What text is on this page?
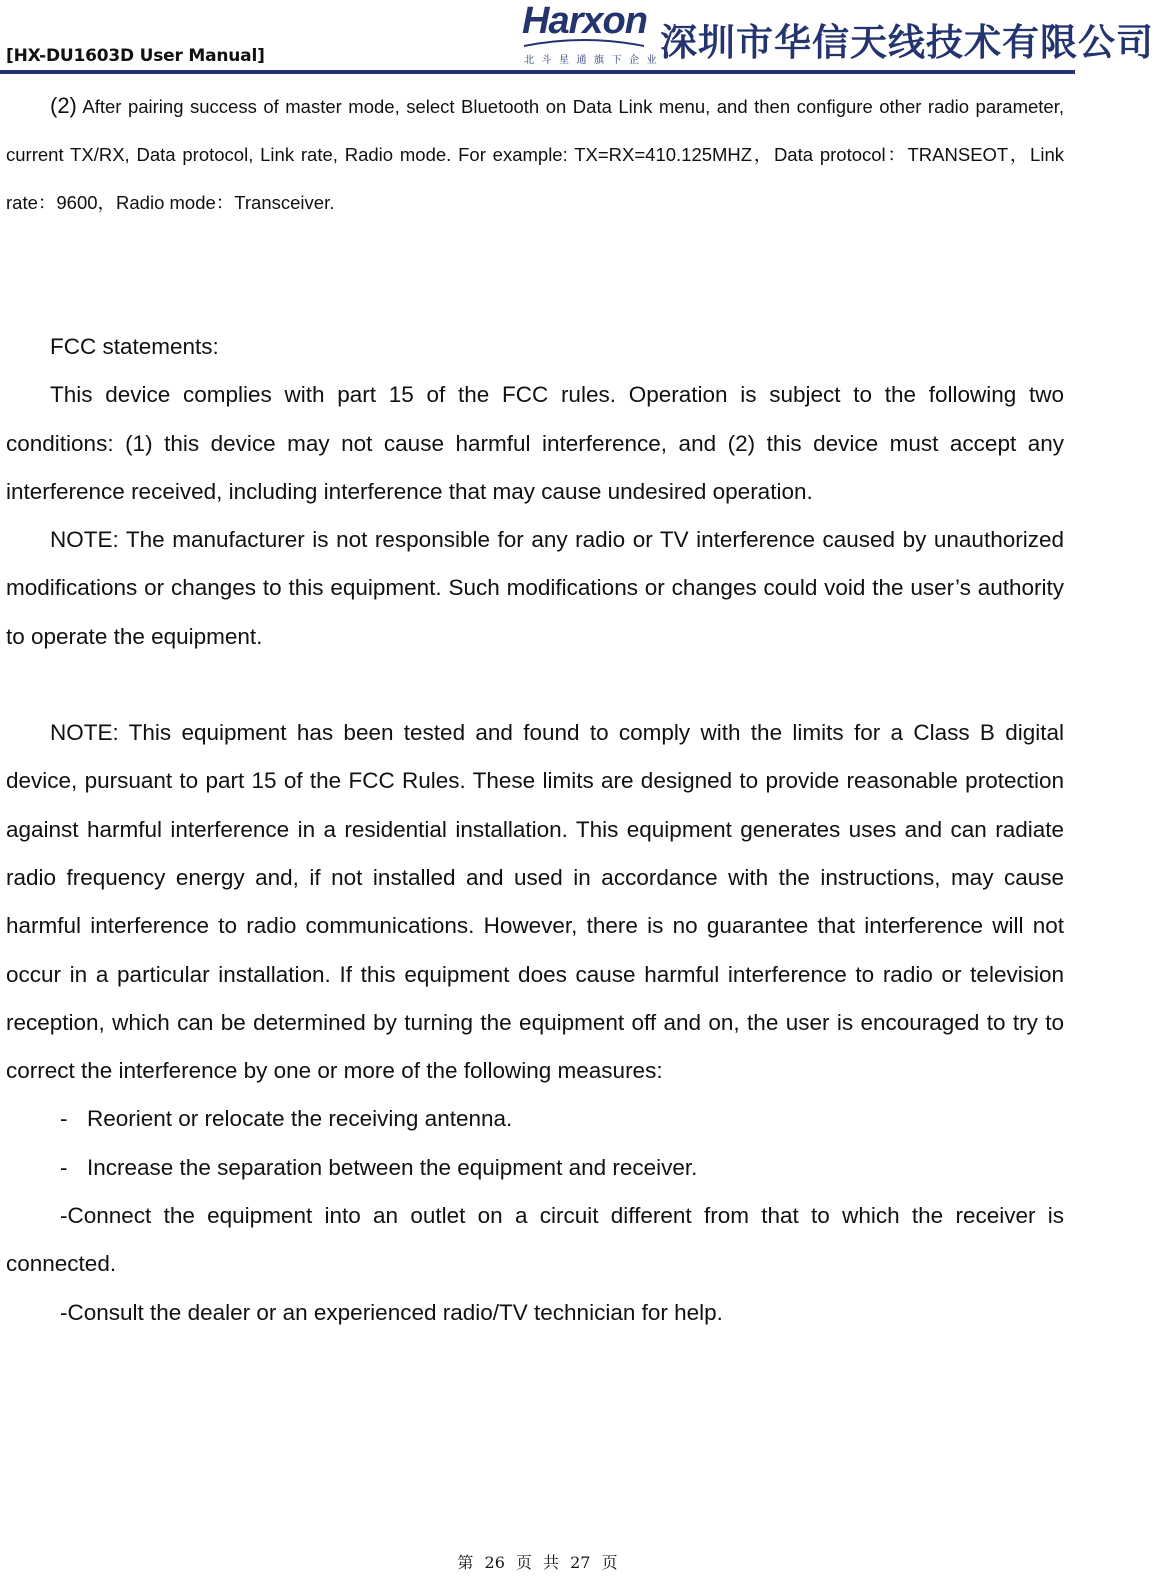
[HX-DU1603D User Manual]
Harxon
北斗星通旗下企业
深圳市华信天线技术有限公司

(2) After pairing success of master mode, select Bluetooth on Data Link menu, and then configure other radio parameter, current TX/RX, Data protocol, Link rate, Radio mode. For example: TX=RX=410.125MHZ，Data protocol：TRANSEOT，Link rate：9600，Radio mode：Transceiver.

FCC statements:

This device complies with part 15 of the FCC rules. Operation is subject to the following two conditions: (1) this device may not cause harmful interference, and (2) this device must accept any interference received, including interference that may cause undesired operation.

NOTE: The manufacturer is not responsible for any radio or TV interference caused by unauthorized modifications or changes to this equipment. Such modifications or changes could void the user’s authority to operate the equipment.

NOTE: This equipment has been tested and found to comply with the limits for a Class B digital device, pursuant to part 15 of the FCC Rules. These limits are designed to provide reasonable protection against harmful interference in a residential installation. This equipment generates uses and can radiate radio frequency energy and, if not installed and used in accordance with the instructions, may cause harmful interference to radio communications. However, there is no guarantee that interference will not occur in a particular installation. If this equipment does cause harmful interference to radio or television reception, which can be determined by turning the equipment off and on, the user is encouraged to try to correct the interference by one or more of the following measures:

- Reorient or relocate the receiving antenna.

- Increase the separation between the equipment and receiver.

-Connect the equipment into an outlet on a circuit different from that to which the receiver is connected.

-Consult the dealer or an experienced radio/TV technician for help.

第 26 页 共 27 页
